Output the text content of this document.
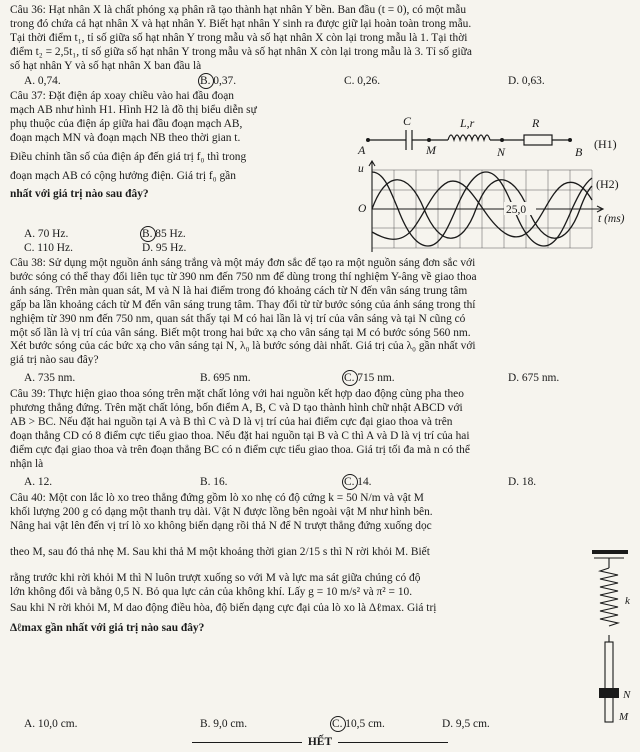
Câu 36: Hạt nhân X là chất phóng xạ phân rã tạo thành hạt nhân Y bền. Ban đầu (t = 0), có một mẫu
trong đó chứa cả hạt nhân X và hạt nhân Y. Biết hạt nhân Y sinh ra được giữ lại hoàn toàn trong mẫu.
Tại thời điểm t₁, tỉ số giữa số hạt nhân Y trong mẫu và số hạt nhân X còn lại trong mẫu là 1. Tại thời
điểm t₂ = 2,5t₁, tỉ số giữa số hạt nhân Y trong mẫu và số hạt nhân X còn lại trong mẫu là 3. Tỉ số giữa
số hạt nhân Y và số hạt nhân X ban đầu là
A. 0,74.	B. 0,37.	C. 0,26.	D. 0,63.
Câu 37: Đặt điện áp xoay chiều vào hai đầu đoạn
mạch AB như hình H1. Hình H2 là đồ thị biểu diễn sự
phụ thuộc của điện áp giữa hai đầu đoạn mạch AB,
đoạn mạch MN và đoạn mạch NB theo thời gian t.
Điều chỉnh tần số của điện áp đến giá trị f₀ thì trong
đoạn mạch AB có cộng hưởng điện. Giá trị f₀ gần
nhất với giá trị nào sau đây?
A. 70 Hz.	B. 85 Hz.
C. 110 Hz.	D. 95 Hz.
C	L,r	R
A	M	N	B
(H1)
25,0
O
u
t (ms)
(H2)
Câu 38: Sử dụng một nguồn ánh sáng trắng và một máy đơn sắc để tạo ra một nguồn sáng đơn sắc với
bước sóng có thể thay đổi liên tục từ 390 nm đến 750 nm để dùng trong thí nghiệm Y-âng về giao thoa
ánh sáng. Trên màn quan sát, M và N là hai điểm trong đó khoảng cách từ N đến vân sáng trung tâm
gấp ba lần khoảng cách từ M đến vân sáng trung tâm. Thay đổi từ từ bước sóng của ánh sáng trong thí
nghiệm từ 390 nm đến 750 nm, quan sát thấy tại M có hai lần là vị trí của vân sáng và tại N cũng có
một số lần là vị trí của vân sáng. Biết một trong hai bức xạ cho vân sáng tại M có bước sóng 560 nm.
Xét bước sóng của các bức xạ cho vân sáng tại N, λ₀ là bước sóng dài nhất. Giá trị của λ₀ gần nhất với
giá trị nào sau đây?
A. 735 nm.	B. 695 nm.	C. 715 nm.	D. 675 nm.
Câu 39: Thực hiện giao thoa sóng trên mặt chất lỏng với hai nguồn kết hợp dao động cùng pha theo
phương thẳng đứng. Trên mặt chất lỏng, bốn điểm A, B, C và D tạo thành hình chữ nhật ABCD với
AB > BC. Nếu đặt hai nguồn tại A và B thì C và D là vị trí của hai điểm cực đại giao thoa và trên
đoạn thẳng CD có 8 điểm cực tiểu giao thoa. Nếu đặt hai nguồn tại B và C thì A và D là vị trí của hai
điểm cực đại giao thoa và trên đoạn thẳng BC có n điểm cực tiểu giao thoa. Giá trị tối đa mà n có thể
nhận là
A. 12.	B. 16.	C. 14.	D. 18.
Câu 40: Một con lắc lò xo treo thẳng đứng gồm lò xo nhẹ có độ cứng k = 50 N/m và vật M
khối lượng 200 g có dạng một thanh trụ dài. Vật N được lồng bên ngoài vật M như hình bên.
Nâng hai vật lên đến vị trí lò xo không biến dạng rồi thả N để N trượt thẳng đứng xuống dọc
theo M, sau đó thả nhẹ M. Sau khi thả M một khoảng thời gian 2/15 s thì N rời khỏi M. Biết
rằng trước khi rời khỏi M thì N luôn trượt xuống so với M và lực ma sát giữa chúng có độ
lớn không đổi và bằng 0,5 N. Bỏ qua lực cản của không khí. Lấy g = 10 m/s² và π² = 10.
Sau khi N rời khỏi M, M dao động điều hòa, độ biến dạng cực đại của lò xo là Δℓmax. Giá trị
Δℓmax gần nhất với giá trị nào sau đây?
A. 10,0 cm.	B. 9,0 cm.	C. 10,5 cm.	D. 9,5 cm.
k
N
M
HẾT
